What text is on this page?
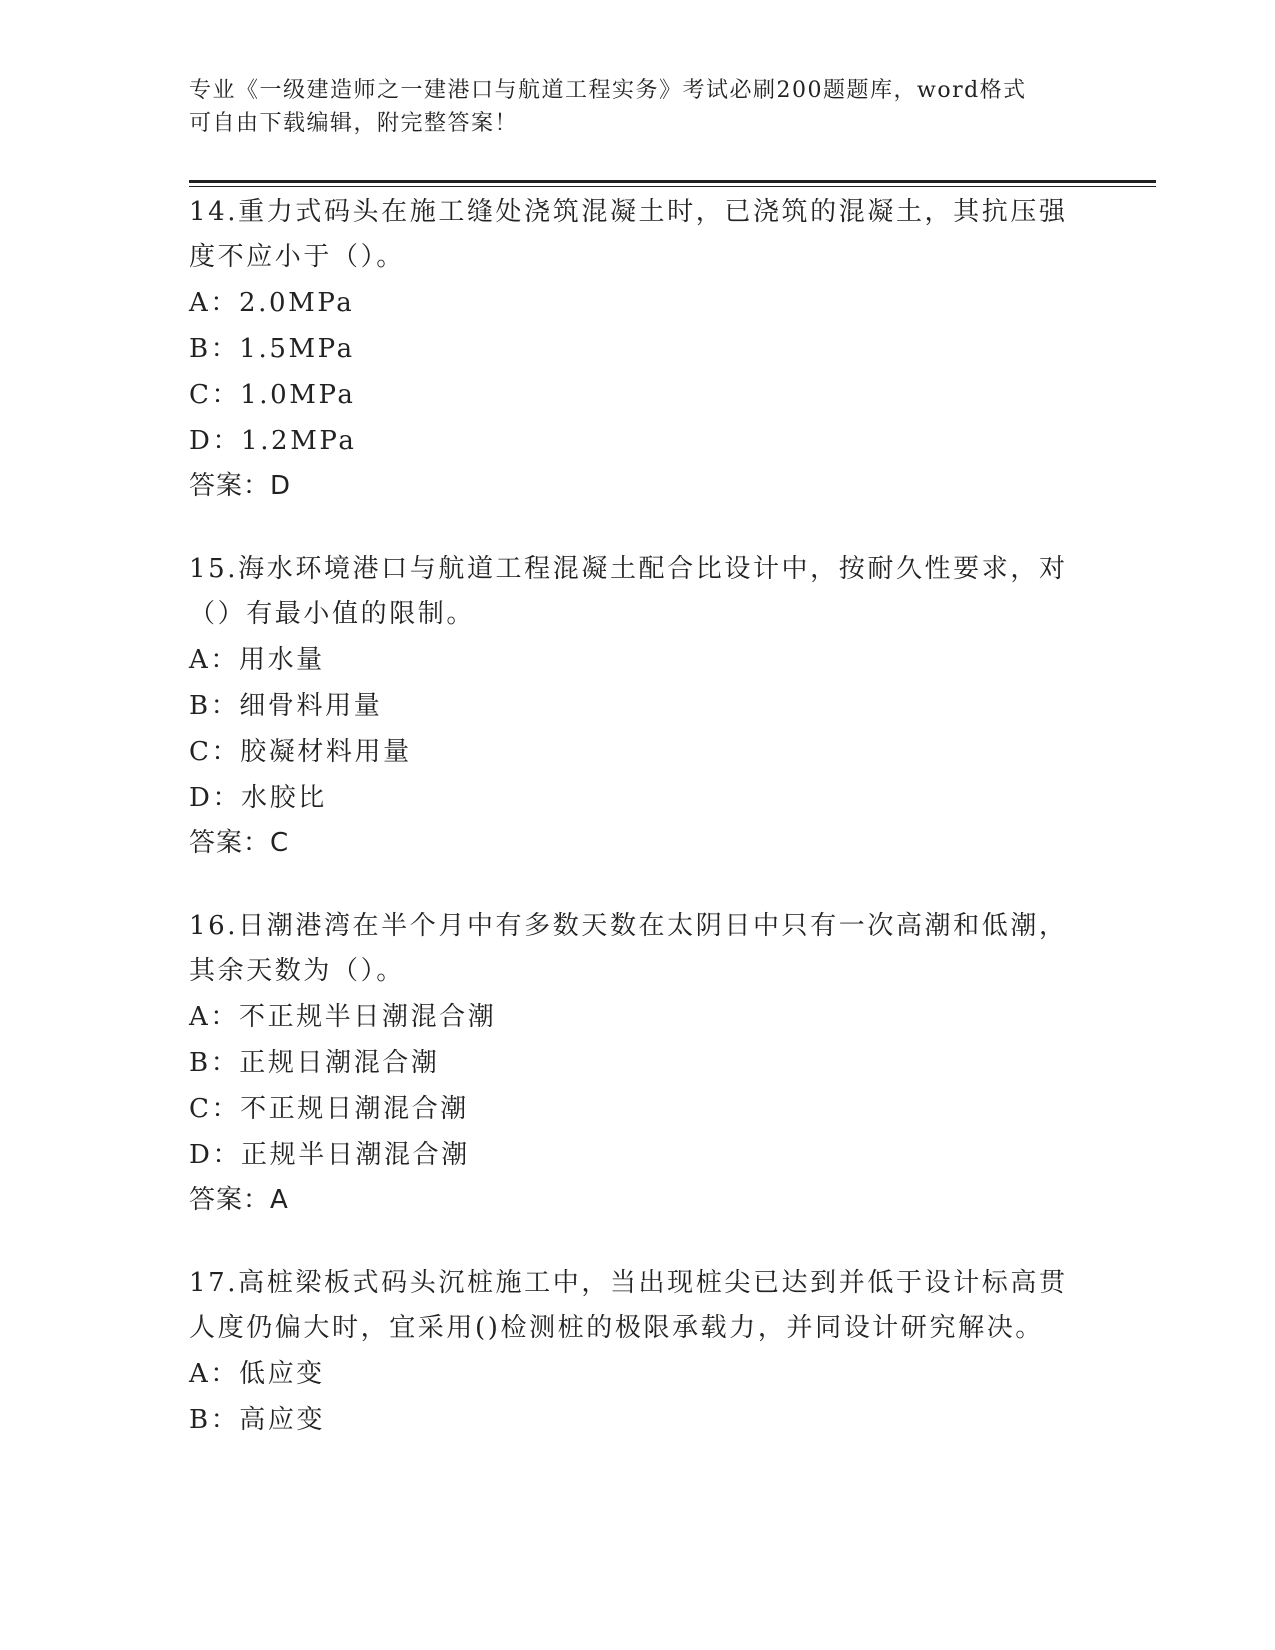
专业《一级建造师之一建港口与航道工程实务》考试必刷200题题库，word格式
可自由下载编辑，附完整答案！

14.重力式码头在施工缝处浇筑混凝土时，已浇筑的混凝土，其抗压强

度不应小于（）。

A：2.0MPa

B：1.5MPa

C：1.0MPa

D：1.2MPa

答案：D

15.海水环境港口与航道工程混凝土配合比设计中，按耐久性要求，对

（）有最小值的限制。

A：用水量

B：细骨料用量

C：胶凝材料用量

D：水胶比

答案：C

16.日潮港湾在半个月中有多数天数在太阴日中只有一次高潮和低潮，

其余天数为（）。

A：不正规半日潮混合潮

B：正规日潮混合潮

C：不正规日潮混合潮

D：正规半日潮混合潮

答案：A

17.高桩梁板式码头沉桩施工中，当出现桩尖已达到并低于设计标高贯

人度仍偏大时，宜采用()检测桩的极限承载力，并同设计研究解决。

A：低应变

B：高应变
